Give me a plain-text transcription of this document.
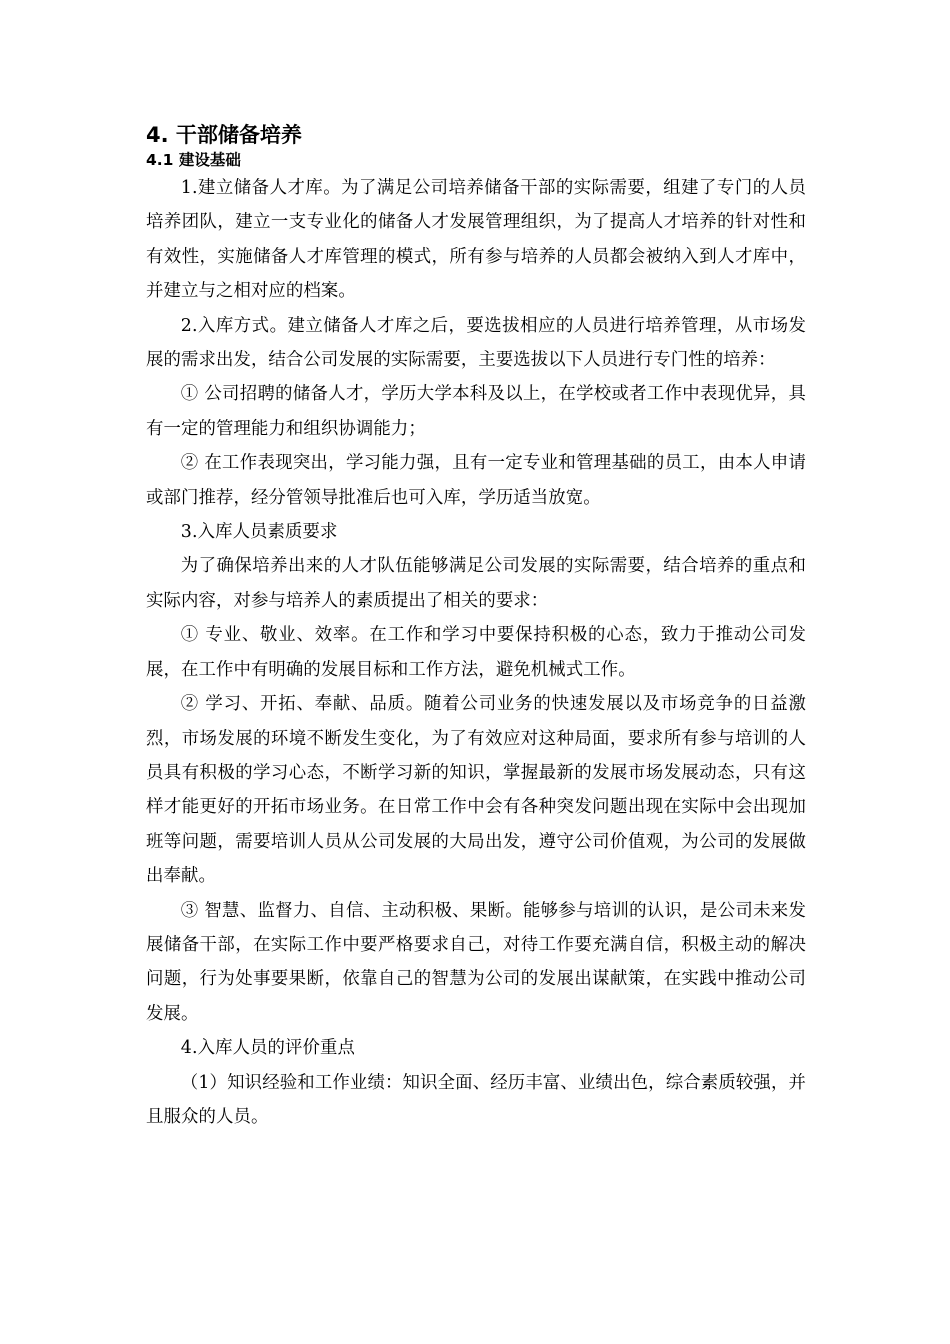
4. 干部储备培养
4.1 建设基础

1.建立储备人才库。为了满足公司培养储备干部的实际需要，组建了专门的人员培养团队，建立一支专业化的储备人才发展管理组织，为了提高人才培养的针对性和有效性，实施储备人才库管理的模式，所有参与培养的人员都会被纳入到人才库中，并建立与之相对应的档案。

2.入库方式。建立储备人才库之后，要选拔相应的人员进行培养管理，从市场发展的需求出发，结合公司发展的实际需要，主要选拔以下人员进行专门性的培养：

① 公司招聘的储备人才，学历大学本科及以上，在学校或者工作中表现优异，具有一定的管理能力和组织协调能力；

② 在工作表现突出，学习能力强，且有一定专业和管理基础的员工，由本人申请或部门推荐，经分管领导批准后也可入库，学历适当放宽。

3.入库人员素质要求

为了确保培养出来的人才队伍能够满足公司发展的实际需要，结合培养的重点和实际内容，对参与培养人的素质提出了相关的要求：

① 专业、敬业、效率。在工作和学习中要保持积极的心态，致力于推动公司发展，在工作中有明确的发展目标和工作方法，避免机械式工作。

② 学习、开拓、奉献、品质。随着公司业务的快速发展以及市场竞争的日益激烈，市场发展的环境不断发生变化，为了有效应对这种局面，要求所有参与培训的人员具有积极的学习心态，不断学习新的知识，掌握最新的发展市场发展动态，只有这样才能更好的开拓市场业务。在日常工作中会有各种突发问题出现在实际中会出现加班等问题，需要培训人员从公司发展的大局出发，遵守公司价值观，为公司的发展做出奉献。

③ 智慧、监督力、自信、主动积极、果断。能够参与培训的认识，是公司未来发展储备干部，在实际工作中要严格要求自己，对待工作要充满自信，积极主动的解决问题，行为处事要果断，依靠自己的智慧为公司的发展出谋献策，在实践中推动公司发展。

4.入库人员的评价重点

（1）知识经验和工作业绩：知识全面、经历丰富、业绩出色，综合素质较强，并且服众的人员。
